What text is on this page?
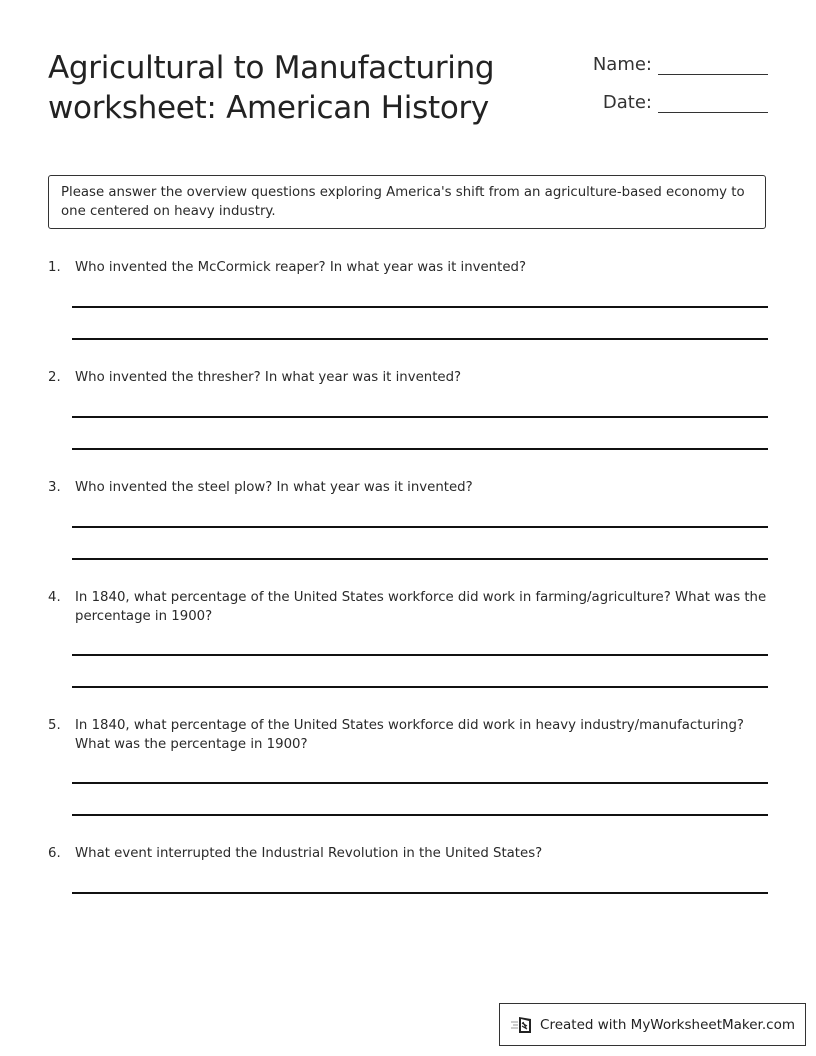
Agricultural to Manufacturing
worksheet: American History
Name:
Date:
Please answer the overview questions exploring America's shift from an agriculture-based economy to one centered on heavy industry.
1.	Who invented the McCormick reaper? In what year was it invented?
2.	Who invented the thresher? In what year was it invented?
3.	Who invented the steel plow? In what year was it invented?
4.	In 1840, what percentage of the United States workforce did work in farming/agriculture? What was the percentage in 1900?
5.	In 1840, what percentage of the United States workforce did work in heavy industry/manufacturing? What was the percentage in 1900?
6.	What event interrupted the Industrial Revolution in the United States?
Created with MyWorksheetMaker.com
